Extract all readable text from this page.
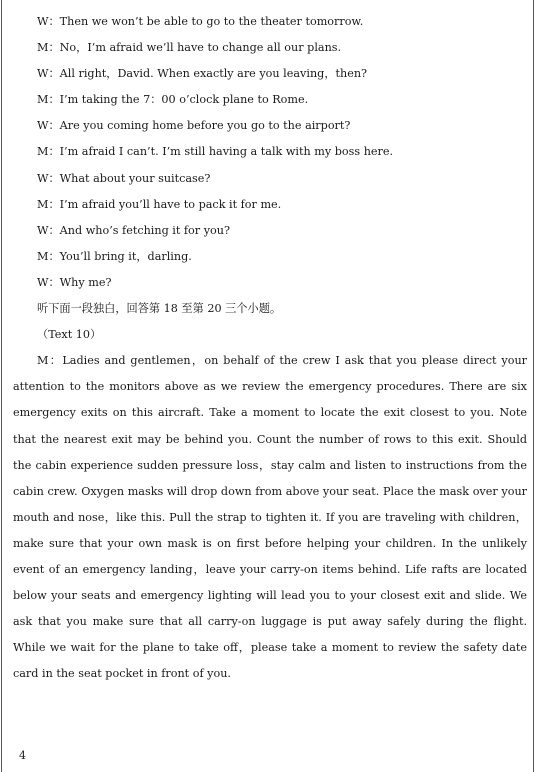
W：Then we won’t be able to go to the theater tomorrow.
M：No，I’m afraid we’ll have to change all our plans.
W：All right，David. When exactly are you leaving，then?
M：I’m taking the 7：00 o’clock plane to Rome.
W：Are you coming home before you go to the airport?
M：I’m afraid I can’t. I’m still having a talk with my boss here.
W：What about your suitcase?
M：I’m afraid you’ll have to pack it for me.
W：And who’s fetching it for you?
M：You’ll bring it，darling.
W：Why me?
听下面一段独白，回答第 18 至第 20 三个小题。
（Text 10）

M：Ladies and gentlemen，on behalf of the crew I ask that you please direct your attention to the monitors above as we review the emergency procedures. There are six emergency exits on this aircraft. Take a moment to locate the exit closest to you. Note that the nearest exit may be behind you. Count the number of rows to this exit. Should the cabin experience sudden pressure loss，stay calm and listen to instructions from the cabin crew. Oxygen masks will drop down from above your seat. Place the mask over your mouth and nose，like this. Pull the strap to tighten it. If you are traveling with children，make sure that your own mask is on first before helping your children. In the unlikely event of an emergency landing，leave your carry-on items behind. Life rafts are located below your seats and emergency lighting will lead you to your closest exit and slide. We ask that you make sure that all carry-on luggage is put away safely during the flight. While we wait for the plane to take off，please take a moment to review the safety date card in the seat pocket in front of you.

4
